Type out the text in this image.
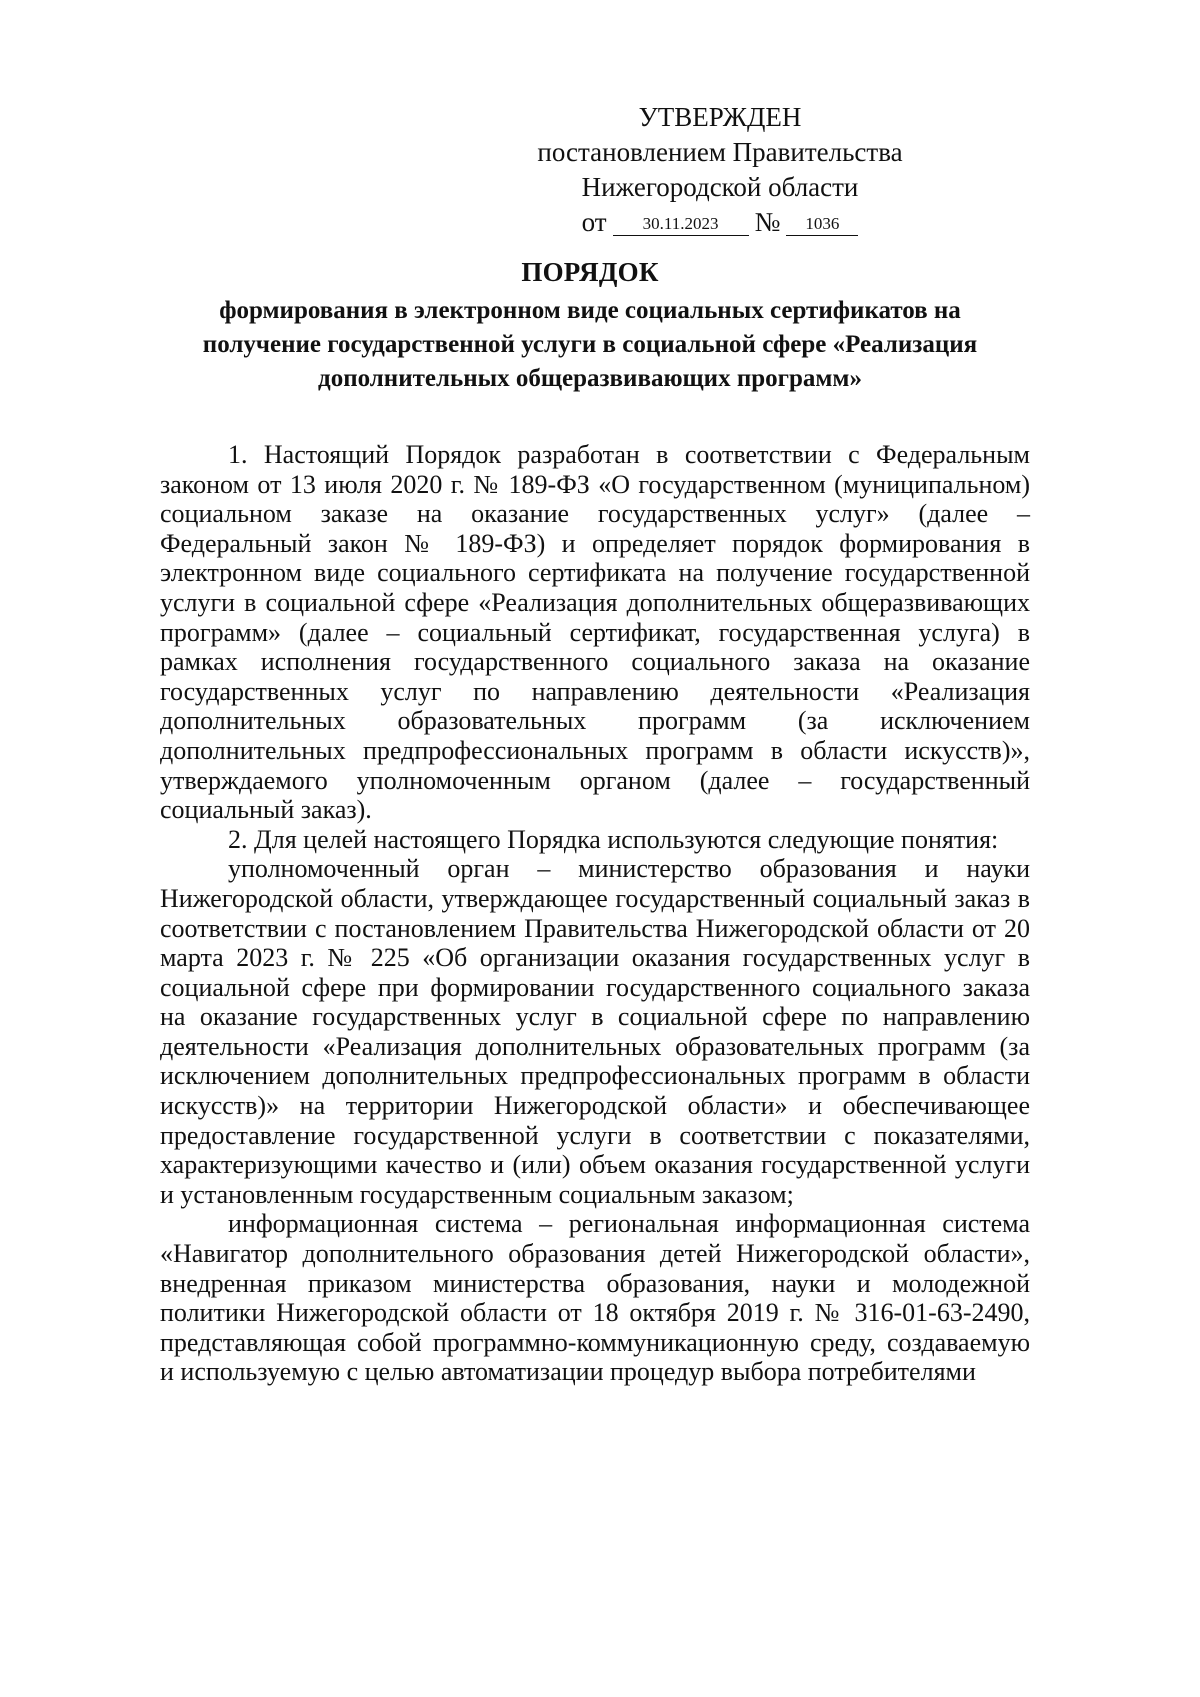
УТВЕРЖДЕН
постановлением Правительства
Нижегородской области
от	30.11.2023	№	1036
ПОРЯДОК
формирования в электронном виде социальных сертификатов на
получение государственной услуги в социальной сфере «Реализация
дополнительных общеразвивающих программ»

1. Настоящий Порядок разработан в соответствии с Федеральным законом от 13 июля 2020 г. № 189-ФЗ «О государственном (муниципальном) социальном заказе на оказание государственных услуг» (далее – Федеральный закон № 189-ФЗ) и определяет порядок формирования в электронном виде социального сертификата на получение государственной услуги в социальной сфере «Реализация дополнительных общеразвивающих программ» (далее – социальный сертификат, государственная услуга) в рамках исполнения государственного социального заказа на оказание государственных услуг по направлению деятельности «Реализация дополнительных образовательных программ (за исключением дополнительных предпрофессиональных программ в области искусств)», утверждаемого уполномоченным органом (далее – государственный социальный заказ).

2. Для целей настоящего Порядка используются следующие понятия:

уполномоченный орган – министерство образования и науки Нижегородской области, утверждающее государственный социальный заказ в соответствии с постановлением Правительства Нижегородской области от 20 марта 2023 г. № 225 «Об организации оказания государственных услуг в социальной сфере при формировании государственного социального заказа на оказание государственных услуг в социальной сфере по направлению деятельности «Реализация дополнительных образовательных программ (за исключением дополнительных предпрофессиональных программ в области искусств)» на территории Нижегородской области» и обеспечивающее предоставление государственной услуги в соответствии с показателями, характеризующими качество и (или) объем оказания государственной услуги и установленным государственным социальным заказом;

информационная система – региональная информационная система «Навигатор дополнительного образования детей Нижегородской области», внедренная приказом министерства образования, науки и молодежной политики Нижегородской области от 18 октября 2019 г. № 316-01-63-2490, представляющая собой программно-коммуникационную среду, создаваемую и используемую с целью автоматизации процедур выбора потребителями
